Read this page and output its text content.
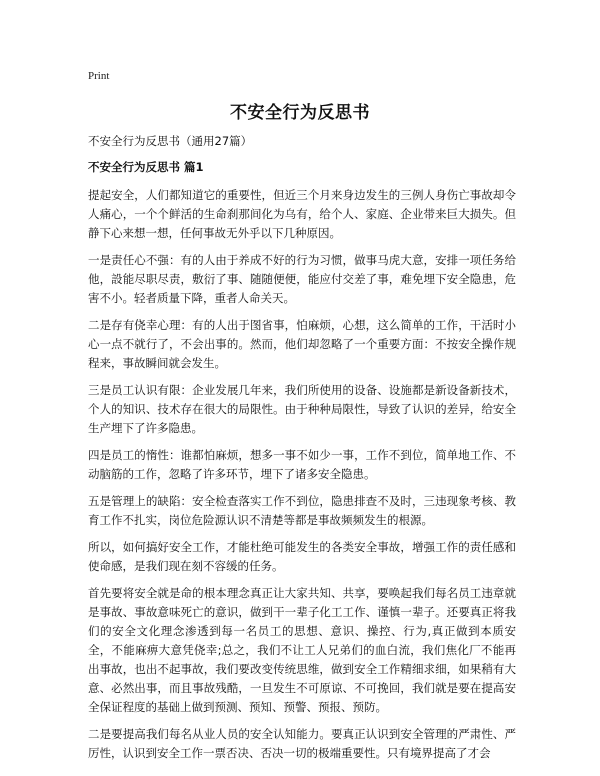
Print
不安全行为反思书
不安全行为反思书（通用27篇）
不安全行为反思书 篇1

提起安全，人们都知道它的重要性，但近三个月来身边发生的三例人身伤亡事故却令人痛心，一个个鲜活的生命刹那间化为乌有，给个人、家庭、企业带来巨大损失。但静下心来想一想，任何事故无外乎以下几种原因。

一是责任心不强：有的人由于养成不好的行为习惯，做事马虎大意，安排一项任务给他，設能尽职尽责，敷衍了事、随随便便，能应付交差了事，难免埋下安全隐患，危害不小。轻者质量下降，重者人命关天。

二是存有侥幸心理：有的人出于图省事，怕麻烦，心想，这么简单的工作，干活时小心一点不就行了，不会出事的。然而，他们却忽略了一个重要方面：不按安全操作规程来，事故瞬间就会发生。

三是员工认识有限：企业发展几年来，我们所使用的设备、设施都是新设备新技术，个人的知识、技术存在很大的局限性。由于种种局限性，导致了认识的差异，给安全生产埋下了许多隐患。

四是员工的惰性：谁都怕麻烦，想多一事不如少一事，工作不到位，简单地工作、不动脑筋的工作，忽略了许多环节，埋下了诸多安全隐患。

五是管理上的缺陷：安全检查落实工作不到位，隐患排查不及时，三违现象考核、教育工作不扎实，岗位危险源认识不清楚等都是事故频频发生的根源。

所以，如何搞好安全工作，才能杜绝可能发生的各类安全事故，增强工作的责任感和使命感，是我们现在刻不容缓的任务。

首先要将安全就是命的根本理念真正让大家共知、共享，要唤起我们每名员工违章就是事故、事故意味死亡的意识，做到干一辈子化工工作、谨慎一辈子。还要真正将我们的安全文化理念渗透到每一名员工的思想、意识、操控、行为,真正做到本质安全，不能麻痹大意凭侥幸;总之，我们不让工人兄弟们的血白流，我们焦化厂不能再出事故，也出不起事故，我们要改变传统思维，做到安全工作精细求细，如果稍有大意、必然出事，而且事故残酷，一旦发生不可原谅、不可挽回，我们就是要在提高安全保证程度的基础上做到预测、预知、预警、预报、预防。

二是要提高我们每名从业人员的安全认知能力。要真正认识到安全管理的严肃性、严厉性，认识到安全工作一票否决、否决一切的极端重要性。只有境界提高了才会
